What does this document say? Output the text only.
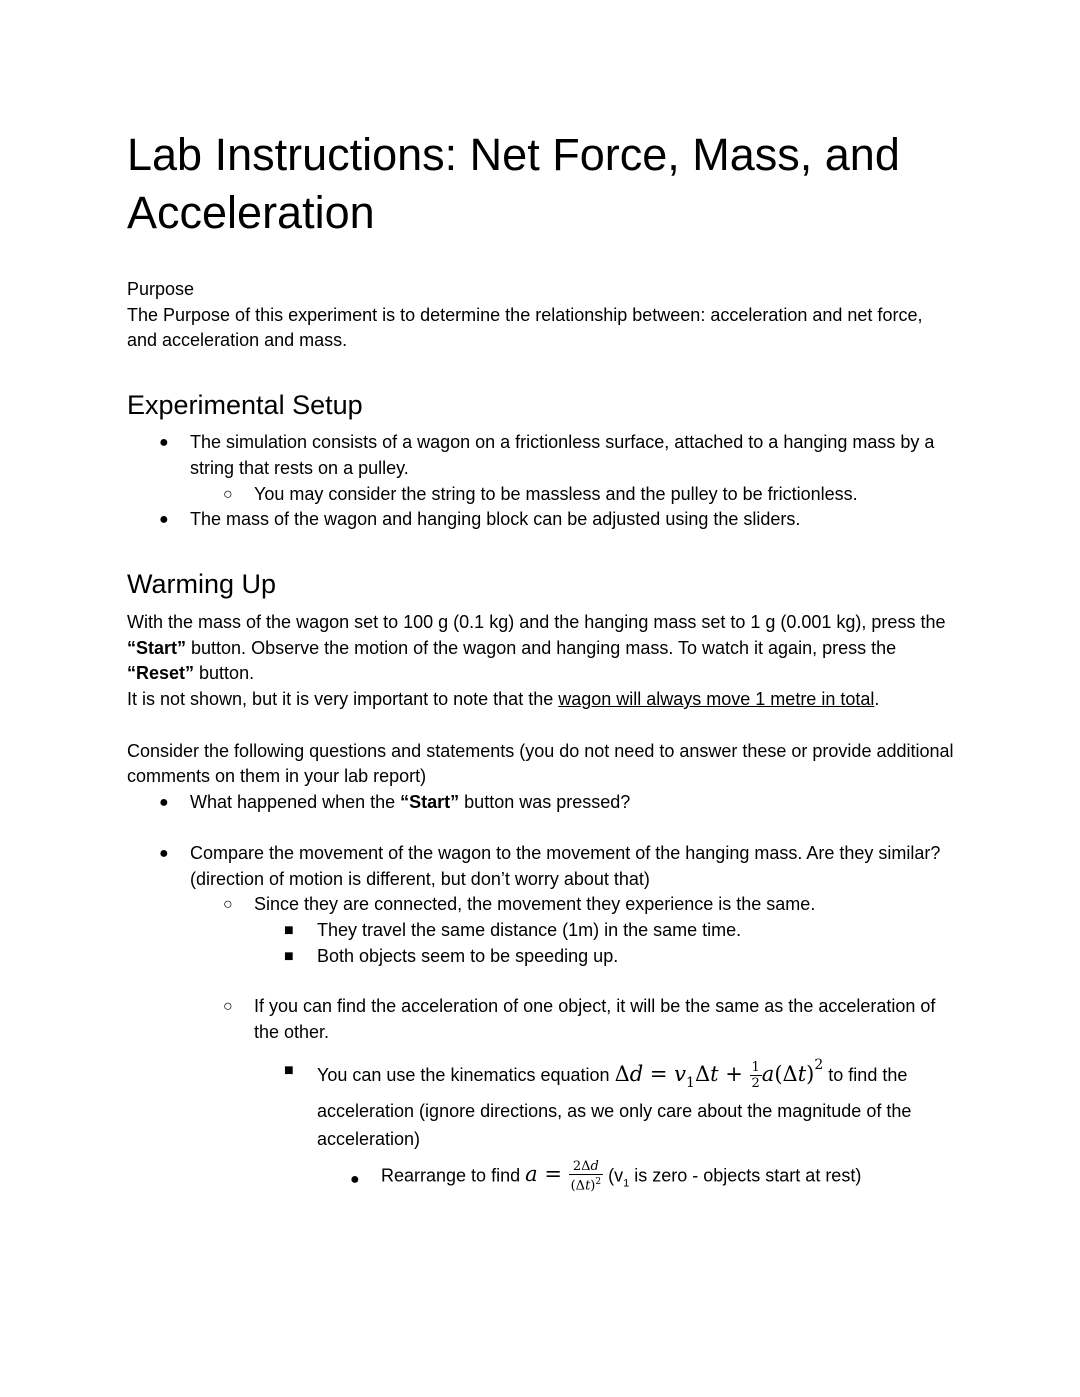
Lab Instructions: Net Force, Mass, and Acceleration

Purpose

The Purpose of this experiment is to determine the relationship between: acceleration and net force, and acceleration and mass.

Experimental Setup
● The simulation consists of a wagon on a frictionless surface, attached to a hanging mass by a string that rests on a pulley.
○ You may consider the string to be massless and the pulley to be frictionless.
● The mass of the wagon and hanging block can be adjusted using the sliders.
Warming Up

With the mass of the wagon set to 100 g (0.1 kg) and the hanging mass set to 1 g (0.001 kg), press the “Start” button. Observe the motion of the wagon and hanging mass. To watch it again, press the “Reset” button.

It is not shown, but it is very important to note that the wagon will always move 1 metre in total.

Consider the following questions and statements (you do not need to answer these or provide additional comments on them in your lab report)

● What happened when the “Start” button was pressed?
● Compare the movement of the wagon to the movement of the hanging mass. Are they similar? (direction of motion is different, but don’t worry about that)
○ Since they are connected, the movement they experience is the same.
■ They travel the same distance (1m) in the same time.
■ Both objects seem to be speeding up.
○ If you can find the acceleration of one object, it will be the same as the acceleration of the other.
■ You can use the kinematics equation $\Delta d = v_1\Delta t + \frac{1}{2} a(\Delta t)^2$ to find the acceleration (ignore directions, as we only care about the magnitude of the acceleration)
● Rearrange to find $a = \frac{2\Delta d}{(\Delta t)^2} (v_1$ is zero - objects start at rest)
